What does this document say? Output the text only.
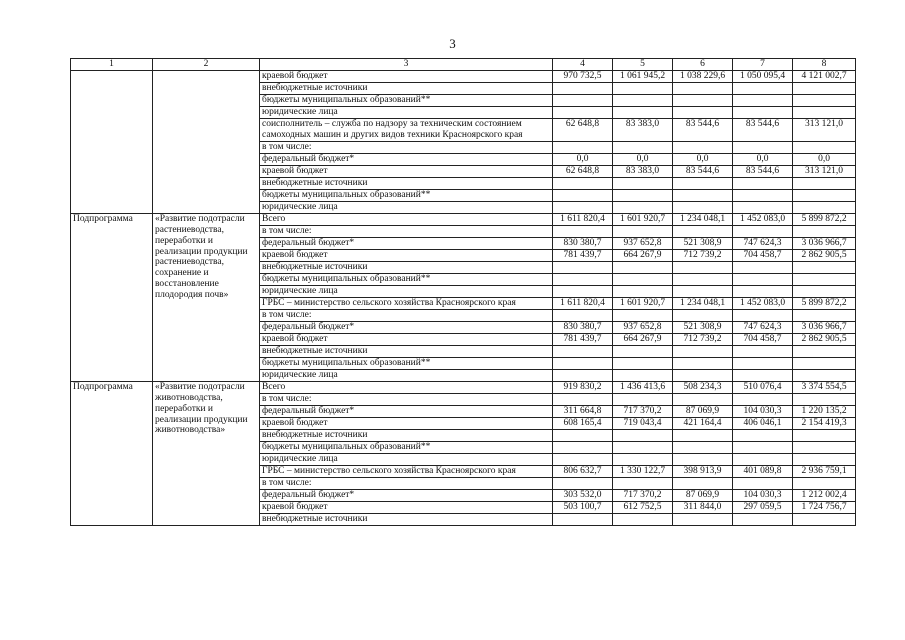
3
1	2	3	4	5	6	7	8
		краевой бюджет	970 732,5	1 061 945,2	1 038 229,6	1 050 095,4	4 121 002,7
		внебюджетные источники					
		бюджеты муниципальных образований**					
		юридические лица					
		соисполнитель – служба по надзору за техническим состоянием самоходных машин и других видов техники Красноярского края	62 648,8	83 383,0	83 544,6	83 544,6	313 121,0
		в том числе:					
		федеральный бюджет*	0,0	0,0	0,0	0,0	0,0
		краевой бюджет	62 648,8	83 383,0	83 544,6	83 544,6	313 121,0
		внебюджетные источники					
		бюджеты муниципальных образований**					
		юридические лица					
Подпрограмма	«Развитие подотрасли растениеводства, переработки и реализации продукции растениеводства, сохранение и восстановление плодородия почв»	Всего	1 611 820,4	1 601 920,7	1 234 048,1	1 452 083,0	5 899 872,2
		в том числе:					
		федеральный бюджет*	830 380,7	937 652,8	521 308,9	747 624,3	3 036 966,7
		краевой бюджет	781 439,7	664 267,9	712 739,2	704 458,7	2 862 905,5
		внебюджетные источники					
		бюджеты муниципальных образований**					
		юридические лица					
		ГРБС – министерство сельского хозяйства Красноярского края	1 611 820,4	1 601 920,7	1 234 048,1	1 452 083,0	5 899 872,2
		в том числе:					
		федеральный бюджет*	830 380,7	937 652,8	521 308,9	747 624,3	3 036 966,7
		краевой бюджет	781 439,7	664 267,9	712 739,2	704 458,7	2 862 905,5
		внебюджетные источники					
		бюджеты муниципальных образований**					
		юридические лица					
Подпрограмма	«Развитие подотрасли животноводства, переработки и реализации продукции животноводства»	Всего	919 830,2	1 436 413,6	508 234,3	510 076,4	3 374 554,5
		в том числе:					
		федеральный бюджет*	311 664,8	717 370,2	87 069,9	104 030,3	1 220 135,2
		краевой бюджет	608 165,4	719 043,4	421 164,4	406 046,1	2 154 419,3
		внебюджетные источники					
		бюджеты муниципальных образований**					
		юридические лица					
		ГРБС – министерство сельского хозяйства Красноярского края	806 632,7	1 330 122,7	398 913,9	401 089,8	2 936 759,1
		в том числе:					
		федеральный бюджет*	303 532,0	717 370,2	87 069,9	104 030,3	1 212 002,4
		краевой бюджет	503 100,7	612 752,5	311 844,0	297 059,5	1 724 756,7
		внебюджетные источники					
